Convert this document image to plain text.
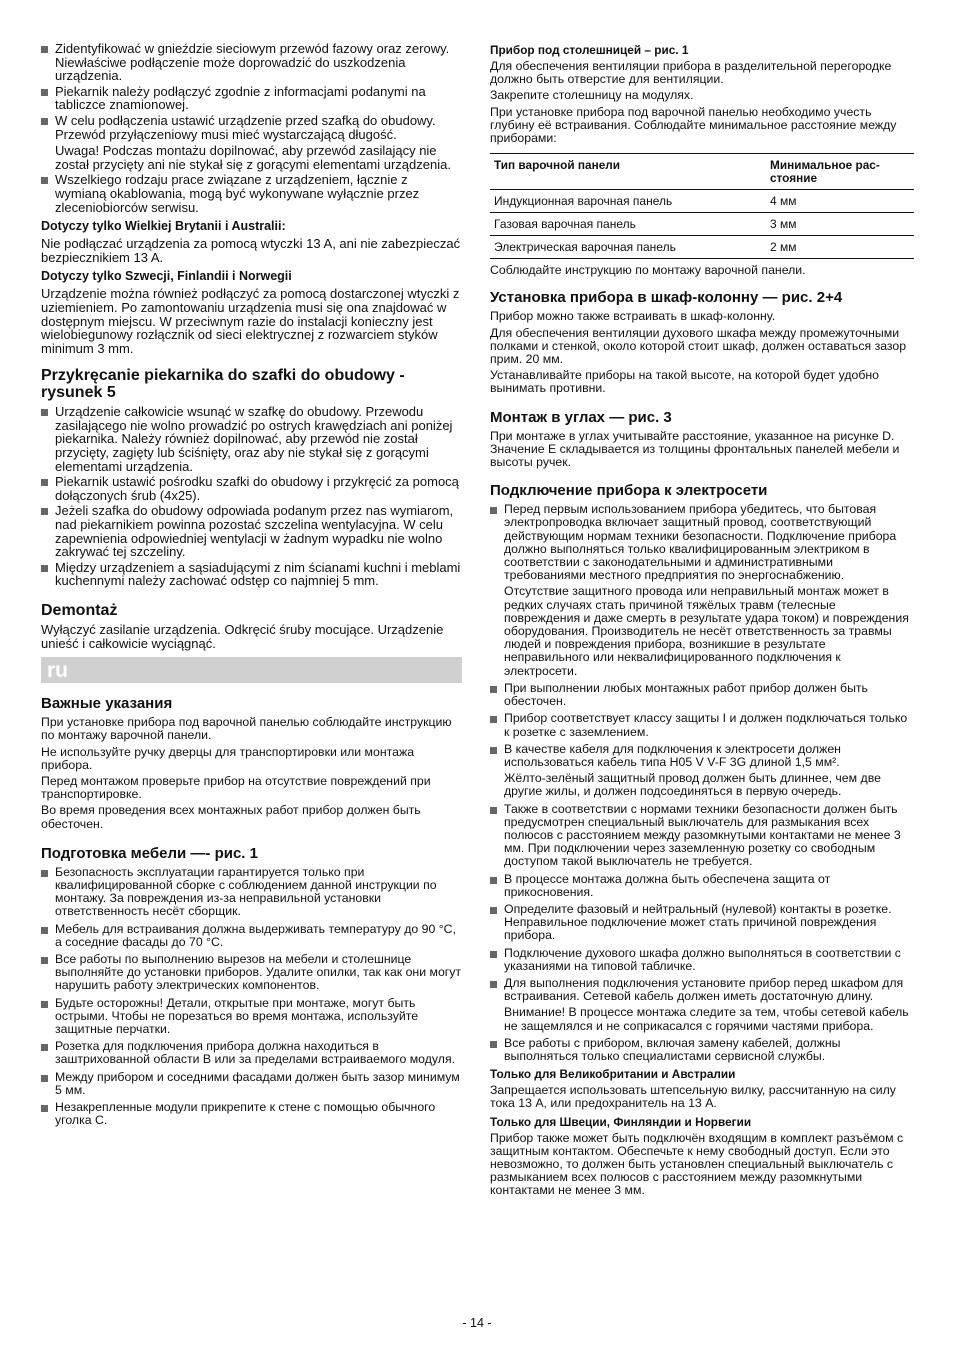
Zidentyfikować w gnieździe sieciowym przewód fazowy oraz zerowy. Niewłaściwe podłączenie może doprowadzić do uszkodzenia urządzenia.
Piekarnik należy podłączyć zgodnie z informacjami podanymi na tabliczce znamionowej.
W celu podłączenia ustawić urządzenie przed szafką do obudowy. Przewód przyłączeniowy musi mieć wystarczającą długość.
Uwaga! Podczas montażu dopilnować, aby przewód zasilający nie został przycięty ani nie stykał się z gorącymi elementami urządzenia.
Wszelkiego rodzaju prace związane z urządzeniem, łącznie z wymianą okablowania, mogą być wykonywane wyłącznie przez zleceniobiorców serwisu.
Dotyczy tylko Wielkiej Brytanii i Australii:

Nie podłączać urządzenia za pomocą wtyczki 13 A, ani nie zabezpieczać bezpiecznikiem 13 A.

Dotyczy tylko Szwecji, Finlandii i Norwegii

Urządzenie można również podłączyć za pomocą dostarczonej wtyczki z uziemieniem. Po zamontowaniu urządzenia musi się ona znajdować w dostępnym miejscu. W przeciwnym razie do instalacji konieczny jest wielobiegunowy rozłącznik od sieci elektrycznej z rozwarciem styków minimum 3 mm.

Przykręcanie piekarnika do szafki do obudowy - rysunek 5
Urządzenie całkowicie wsunąć w szafkę do obudowy. Przewodu zasilającego nie wolno prowadzić po ostrych krawędziach ani poniżej piekarnika. Należy również dopilnować, aby przewód nie został przycięty, zagięty lub ściśnięty, oraz aby nie stykał się z gorącymi elementami urządzenia.
Piekarnik ustawić pośrodku szafki do obudowy i przykręcić za pomocą dołączonych śrub (4x25).
Jeżeli szafka do obudowy odpowiada podanym przez nas wymiarom, nad piekarnikiem powinna pozostać szczelina wentylacyjna. W celu zapewnienia odpowiedniej wentylacji w żadnym wypadku nie wolno zakrywać tej szczeliny.
Między urządzeniem a sąsiadującymi z nim ścianami kuchni i meblami kuchennymi należy zachować odstęp co najmniej 5 mm.
Demontaż

Wyłączyć zasilanie urządzenia. Odkręcić śruby mocujące. Urządzenie unieść i całkowicie wyciągnąć.

ru
Важные указания

При установке прибора под варочной панелью соблюдайте инструкцию по монтажу варочной панели.

Не используйте ручку дверцы для транспортировки или монтажа прибора.

Перед монтажом проверьте прибор на отсутствие повреждений при транспортировке.

Во время проведения всех монтажных работ прибор должен быть обесточен.

Подготовка мебели —- рис. 1
Безопасность эксплуатации гарантируется только при квалифицированной сборке с соблюдением данной инструкции по монтажу. За повреждения из-за неправильной установки ответственность несёт сборщик.
Мебель для встраивания должна выдерживать температуру до 90 °С, а соседние фасады до 70 °С.
Все работы по выполнению вырезов на мебели и столешнице выполняйте до установки приборов. Удалите опилки, так как они могут нарушить работу электрических компонентов.
Будьте осторожны! Детали, открытые при монтаже, могут быть острыми. Чтобы не порезаться во время монтажа, используйте защитные перчатки.
Розетка для подключения прибора должна находиться в заштрихованной области B или за пределами встраиваемого модуля.
Между прибором и соседними фасадами должен быть зазор минимум 5 мм.
Незакрепленные модули прикрепите к стене с помощью обычного уголка C.
Прибор под столешницей – рис. 1

Для обеспечения вентиляции прибора в разделительной перегородке должно быть отверстие для вентиляции.

Закрепите столешницу на модулях.

При установке прибора под варочной панелью необходимо учесть глубину её встраивания. Соблюдайте минимальное расстояние между приборами:

Тип варочной панели	Минимальное рас- стояние
Индукционная варочная панель	4 мм
Газовая варочная панель	3 мм
Электрическая варочная панель	2 мм

Соблюдайте инструкцию по монтажу варочной панели.

Установка прибора в шкаф-колонну — рис. 2+4

Прибор можно также встраивать в шкаф-колонну.

Для обеспечения вентиляции духового шкафа между промежуточными полками и стенкой, около которой стоит шкаф, должен оставаться зазор прим. 20 мм.

Устанавливайте приборы на такой высоте, на которой будет удобно вынимать противни.

Монтаж в углах — рис. 3

При монтаже в углах учитывайте расстояние, указанное на рисунке D. Значение E складывается из толщины фронтальных панелей мебели и высоты ручек.

Подключение прибора к электросети
Перед первым использованием прибора убедитесь, что бытовая электропроводка включает защитный провод, соответствующий действующим нормам техники безопасности. Подключение прибора должно выполняться только квалифицированным электриком в соответствии с законодательными и административными требованиями местного предприятия по энергоснабжению.
Отсутствие защитного провода или неправильный монтаж может в редких случаях стать причиной тяжёлых травм (телесные повреждения и даже смерть в результате удара током) и повреждения оборудования. Производитель не несёт ответственность за травмы людей и повреждения прибора, возникшие в результате неправильного или неквалифицированного подключения к электросети.
При выполнении любых монтажных работ прибор должен быть обесточен.
Прибор соответствует классу защиты I и должен подключаться только к розетке с заземлением.
В качестве кабеля для подключения к электросети должен использоваться кабель типа H05 V V-F 3G длиной 1,5 мм².
Жёлто-зелёный защитный провод должен быть длиннее, чем две другие жилы, и должен подсоединяться в первую очередь.
Также в соответствии с нормами техники безопасности должен быть предусмотрен специальный выключатель для размыкания всех полюсов с расстоянием между разомкнутыми контактами не менее 3 мм. При подключении через заземленную розетку со свободным доступом такой выключатель не требуется.
В процессе монтажа должна быть обеспечена защита от прикосновения.
Определите фазовый и нейтральный (нулевой) контакты в розетке. Неправильное подключение может стать причиной повреждения прибора.
Подключение духового шкафа должно выполняться в соответствии с указаниями на типовой табличке.
Для выполнения подключения установите прибор перед шкафом для встраивания. Сетевой кабель должен иметь достаточную длину.
Внимание! В процессе монтажа следите за тем, чтобы сетевой кабель не защемлялся и не соприкасался с горячими частями прибора.
Все работы с прибором, включая замену кабелей, должны выполняться только специалистами сервисной службы.
Только для Великобритании и Австралии

Запрещается использовать штепсельную вилку, рассчитанную на силу тока 13 A, или предохранитель на 13 A.

Только для Швеции, Финляндии и Норвегии

Прибор также может быть подключён входящим в комплект разъёмом с защитным контактом. Обеспечьте к нему свободный доступ. Если это невозможно, то должен быть установлен специальный выключатель с размыканием всех полюсов с расстоянием между разомкнутыми контактами не менее 3 мм.

- 14 -
